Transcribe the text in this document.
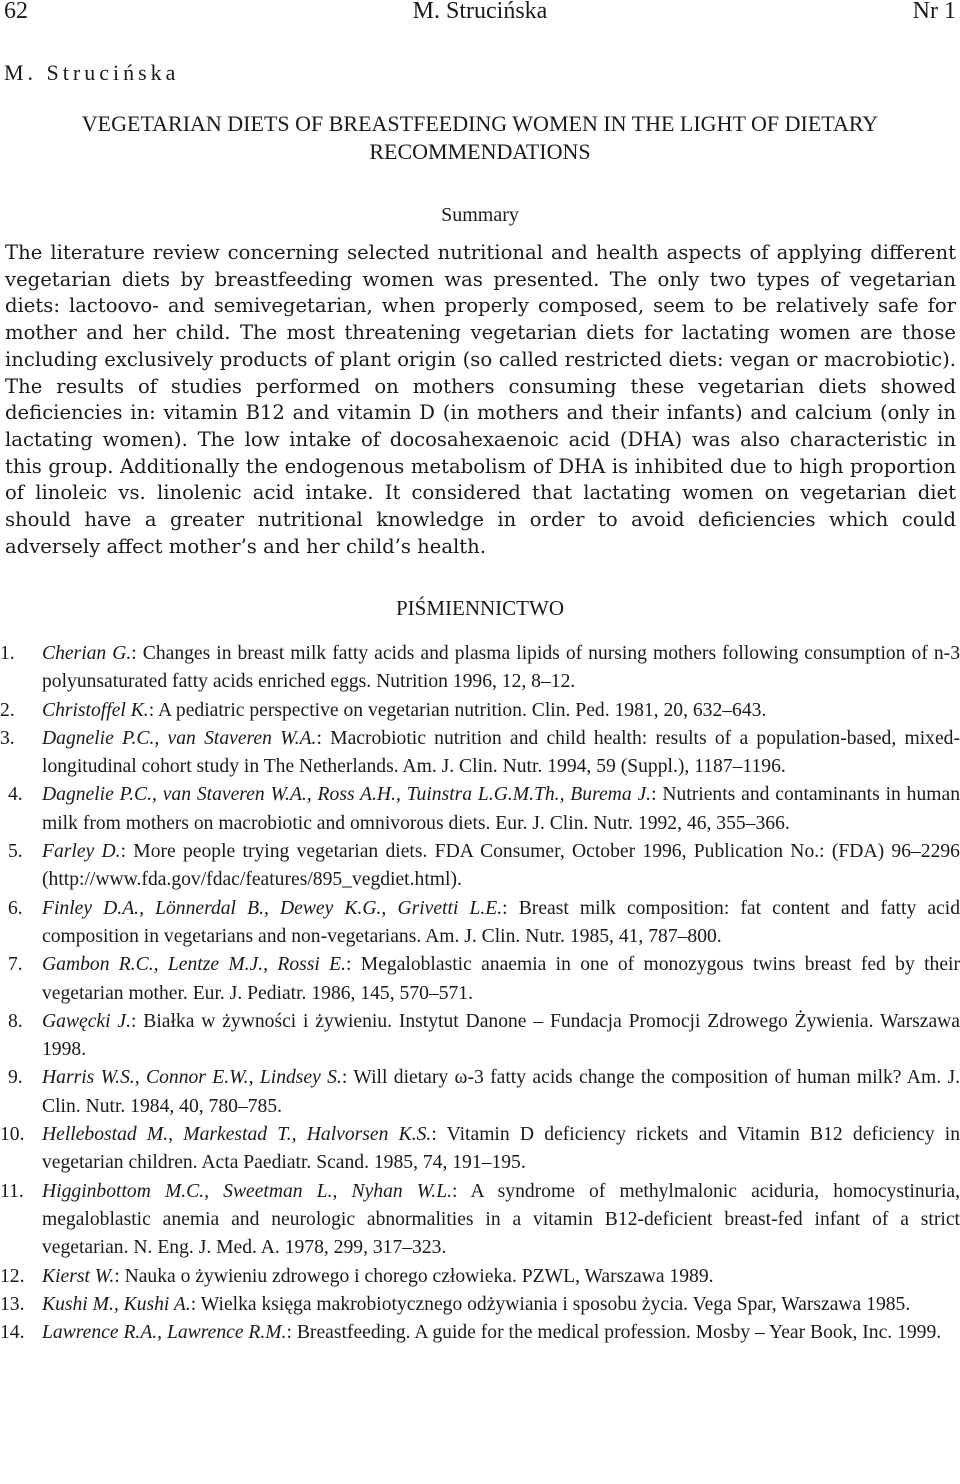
62	M. Strucińska	Nr 1
M. Strucińska
VEGETARIAN DIETS OF BREASTFEEDING WOMEN IN THE LIGHT OF DIETARY RECOMMENDATIONS
Summary

The literature review concerning selected nutritional and health aspects of applying different vegetarian diets by breastfeeding women was presented. The only two types of vegetarian diets: lactoovo- and semivegetarian, when properly composed, seem to be relatively safe for mother and her child. The most threatening vegetarian diets for lactating women are those including exclusively products of plant origin (so called restricted diets: vegan or macrobiotic). The results of studies performed on mothers consuming these vegetarian diets showed deficiencies in: vitamin B12 and vitamin D (in mothers and their infants) and calcium (only in lactating women). The low intake of docosahexaenoic acid (DHA) was also characteristic in this group. Additionally the endogenous metabolism of DHA is inhibited due to high proportion of linoleic vs. linolenic acid intake. It considered that lactating women on vegetarian diet should have a greater nutritional knowledge in order to avoid deficiencies which could adversely affect mother’s and her child’s health.

PIŚMIENNICTWO

1.	Cherian G.: Changes in breast milk fatty acids and plasma lipids of nursing mothers following consumption of n-3 polyunsaturated fatty acids enriched eggs. Nutrition 1996, 12, 8–12.

2.	Christoffel K.: A pediatric perspective on vegetarian nutrition. Clin. Ped. 1981, 20, 632–643.

3.	Dagnelie P.C., van Staveren W.A.: Macrobiotic nutrition and child health: results of a population-based, mixed-longitudinal cohort study in The Netherlands. Am. J. Clin. Nutr. 1994, 59 (Suppl.), 1187–1196.

4. Dagnelie P.C., van Staveren W.A., Ross A.H., Tuinstra L.G.M.Th., Burema J.: Nutrients and contaminants in human milk from mothers on macrobiotic and omnivorous diets. Eur. J. Clin. Nutr. 1992, 46, 355–366.

5. Farley D.: More people trying vegetarian diets. FDA Consumer, October 1996, Publication No.: (FDA) 96–2296 (http://www.fda.gov/fdac/features/895_vegdiet.html).

6. Finley D.A., Lönnerdal B., Dewey K.G., Grivetti L.E.: Breast milk composition: fat content and fatty acid composition in vegetarians and non-vegetarians. Am. J. Clin. Nutr. 1985, 41, 787–800.

7. Gambon R.C., Lentze M.J., Rossi E.: Megaloblastic anaemia in one of monozygous twins breast fed by their vegetarian mother. Eur. J. Pediatr. 1986, 145, 570–571.

8. Gawęcki J.: Białka w żywności i żywieniu. Instytut Danone – Fundacja Promocji Zdrowego Żywienia. Warszawa 1998.

9. Harris W.S., Connor E.W., Lindsey S.: Will dietary ω-3 fatty acids change the composition of human milk? Am. J. Clin. Nutr. 1984, 40, 780–785.

10. Hellebostad M., Markestad T., Halvorsen K.S.: Vitamin D deficiency rickets and Vitamin B12 deficiency in vegetarian children. Acta Paediatr. Scand. 1985, 74, 191–195.

11. Higginbottom M.C., Sweetman L., Nyhan W.L.: A syndrome of methylmalonic aciduria, homocystinuria, megaloblastic anemia and neurologic abnormalities in a vitamin B12-deficient breast-fed infant of a strict vegetarian. N. Eng. J. Med. A. 1978, 299, 317–323.

12. Kierst W.: Nauka o żywieniu zdrowego i chorego człowieka. PZWL, Warszawa 1989.

13. Kushi M., Kushi A.: Wielka księga makrobiotycznego odżywiania i sposobu życia. Vega Spar, Warszawa 1985.

14. Lawrence R.A., Lawrence R.M.: Breastfeeding. A guide for the medical profession. Mosby – Year Book, Inc. 1999.
